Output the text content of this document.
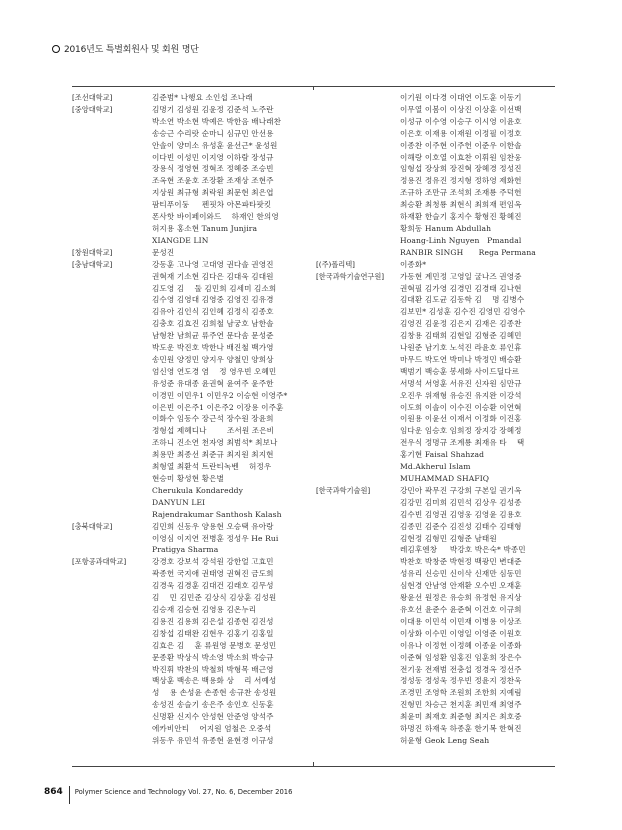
2016년도 특별회원사 및 회원 명단
[조선대학교]	김준범* 나행요 소인섭 조나래
[중앙대학교]	김명기 김성원 김윤정 김준석 노주란
박소연 박소현 박예은 박한음 배나래찬
송승근 수리랏 순마니 심규민 안선용
안솔이 양미소 유성훈 윤선근* 윤성원
이다빈 이성민 이지영 이하람 장성규
장용식 정영현 정혁조 정혜중 조승빈
조옥현 조윤호 조장환 조재상 조현주
지상원 최규형 최락원 최문현 최은엽
팜티푸이둥 　 펜핏차 아몬파타팟킷
폰사핫 바이페이와드 　하재인 한의영
허지용 홍소현 Tanum Junjira
XIANGDE LIN
[창원대학교]	문성진
[충남대학교]	강동훈 고나영 고대영 권다솔 권영진
권혁재 기소현 김다은 김대욱 김대원
김도영 김 　둘 김민희 김세미 김소희
김수영 김영대 김영중 김영진 김유경
김유아 김인식 김인혜 김정식 김종호
김충호 김효진 김희철 남궁호 남한솔
남형찬 남희균 류주연 문다솜 문성준
박도운 박진호 박한나 배진철 백가영
송민원 양정민 양지우 양철민 양희상
엄신영 연도경 염 　정 영우빈 오혜민
유성준 유대종 윤권혁 윤여주 윤주한
이경민 이민우1 이민우2 이승현 이영주*
이은빈 이은주1 이은주2 이장용 이주훈
이화수 임동수 장근석 장수원 장윤희
정형섭 제혜디나 　 　조서원 조은비
조하니 진소연 천자영 최범석* 최보나
최용만 최종선 최준규 최지원 최지현
최형열 최환석 트란티녹벤 　허정우
현승미 황성현 황은별
Cherukula Kondareddy
DANYUN LEI
Rajendrakumar Santhosh Kalash
[충북대학교]	김민희 신동우 양용현 오승택 유아랑
이영심 이지연 전병훈 정성우 He Rui
Pratigya Sharma
[포항공과대학교]	강경호 강보석 강석원 강한얼 고효민
곽종헌 국지애 권태영 권혁진 금도희
김경욱 김경훈 김대건 김래호 김무성
김 　민 김민준 김상식 김상훈 김성원
김승재 김승현 김영용 김온누리
김용진 김용희 김은설 김종현 김진성
김창섭 김태완 김현우 김홍기 김홍일
김효은 김 　훈 류원영 문병호 문성민
문종환 박상식 박소영 박소희 박승규
박진휘 박찬의 박철희 박형목 배근영
백상훈 백송은 백용화 상 　리 서예성
성 　용 손성윤 손종현 송규찬 송성원
송성진 송슬기 송은주 송인호 신동훈
신명환 신지수 안성현 안준영 양석주
에카비안티 　어지원 엄철은 오중석
위동우 유민석 유종현 윤현경 이규성
이기원 이다경 이대연 이도훈 이동기
이무열 이봄이 이상진 이상훈 이선백
이성규 이수영 이승구 이시영 이윤호
이은호 이재용 이재원 이정필 이정호
이종찬 이주현 이주헌 이준우 이한솔
이해랑 이호열 이효찬 이휘원 임찬웅
임형섭 장상희 장진혁 장혜경 정성진
정용진 정유진 정지형 정하영 제화헌
조규하 조만규 조석희 조재룡 주덕헌
최승환 최청룡 최현식 최희재 편임옥
하재환 한슬기 홍지수 황형진 황혜진
황희동 Hanum Abdullah
Hoang-Linh Nguyen　Pmandal
RANBIR SINGH　　Rega Permana
[(주)폴리텍]	이종화*
[한국과학기술연구원]	가동현 계민정 고영일 굴나즈 권영중
권혁필 김가영 김경민 김경태 김나현
김대환 김도균 김동학 김 　명 김병수
김보민* 김성훈 김수진 김영민 김영수
김영진 김윤정 김은지 김재은 김종찬
김창용 김태희 김현일 김형준 김혜민
나원준 남기호 노석진 라윤호 류인휴
마무드 박도연 박미나 박정민 배승환
백범기 백승훈 봉세화 사이드딜다르
서명석 서영훈 서유진 신자원 심만규
오진우 위재형 유승진 유지완 이강석
이도희 이솔이 이수진 이승환 이연혁
이원용 이윤선 이재서 이정화 이진홍
임다운 임승호 임희정 장지강 장혜정
전우식 정명규 조계룡 최재유 타 　택
홍기현 Faisal Shahzad
Md.Akherul Islam
MUHAMMAD SHAFIQ
[한국과학기술원]	강민아 곽무진 구강희 구본일 권기옥
김강민 김미희 김민석 김상우 김성종
김수빈 김영권 김영웅 김영윤 김용호
김종민 김준수 김진성 김태수 김태형
김현정 김형민 김형준 남태원
레김후엔창 　 박강호 박은숙* 박종민
박찬호 박창준 박현정 백광민 변대준
성유리 신승민 신이삭 신재만 심동민
심현경 안남영 안재환 오수빈 오재훈
왕윤선 원정은 유승희 유정현 유지상
유호선 윤준수 윤준혁 이건호 이규희
이대용 이민석 이민재 이병용 이상조
이상화 이수민 이영일 이영준 이원호
이유나 이정헌 이정혜 이종윤 이종화
이준혁 임성환 임홍진 임훈희 장은수
전기웅 전재범 전충섭 정경옥 정선주
정성동 정성욱 정우빈 정윤지 정찬욱
조경민 조영학 조원희 조한희 지예림
진형민 차승근 천지훈 최민재 최영주
최윤미 최재호 최준형 최지은 최호중
하명진 하재욱 하종훈 한기복 한혁진
허윤형 Geok Leng Seah
864 Polymer Science and Technology Vol. 27, No. 6, December 2016
